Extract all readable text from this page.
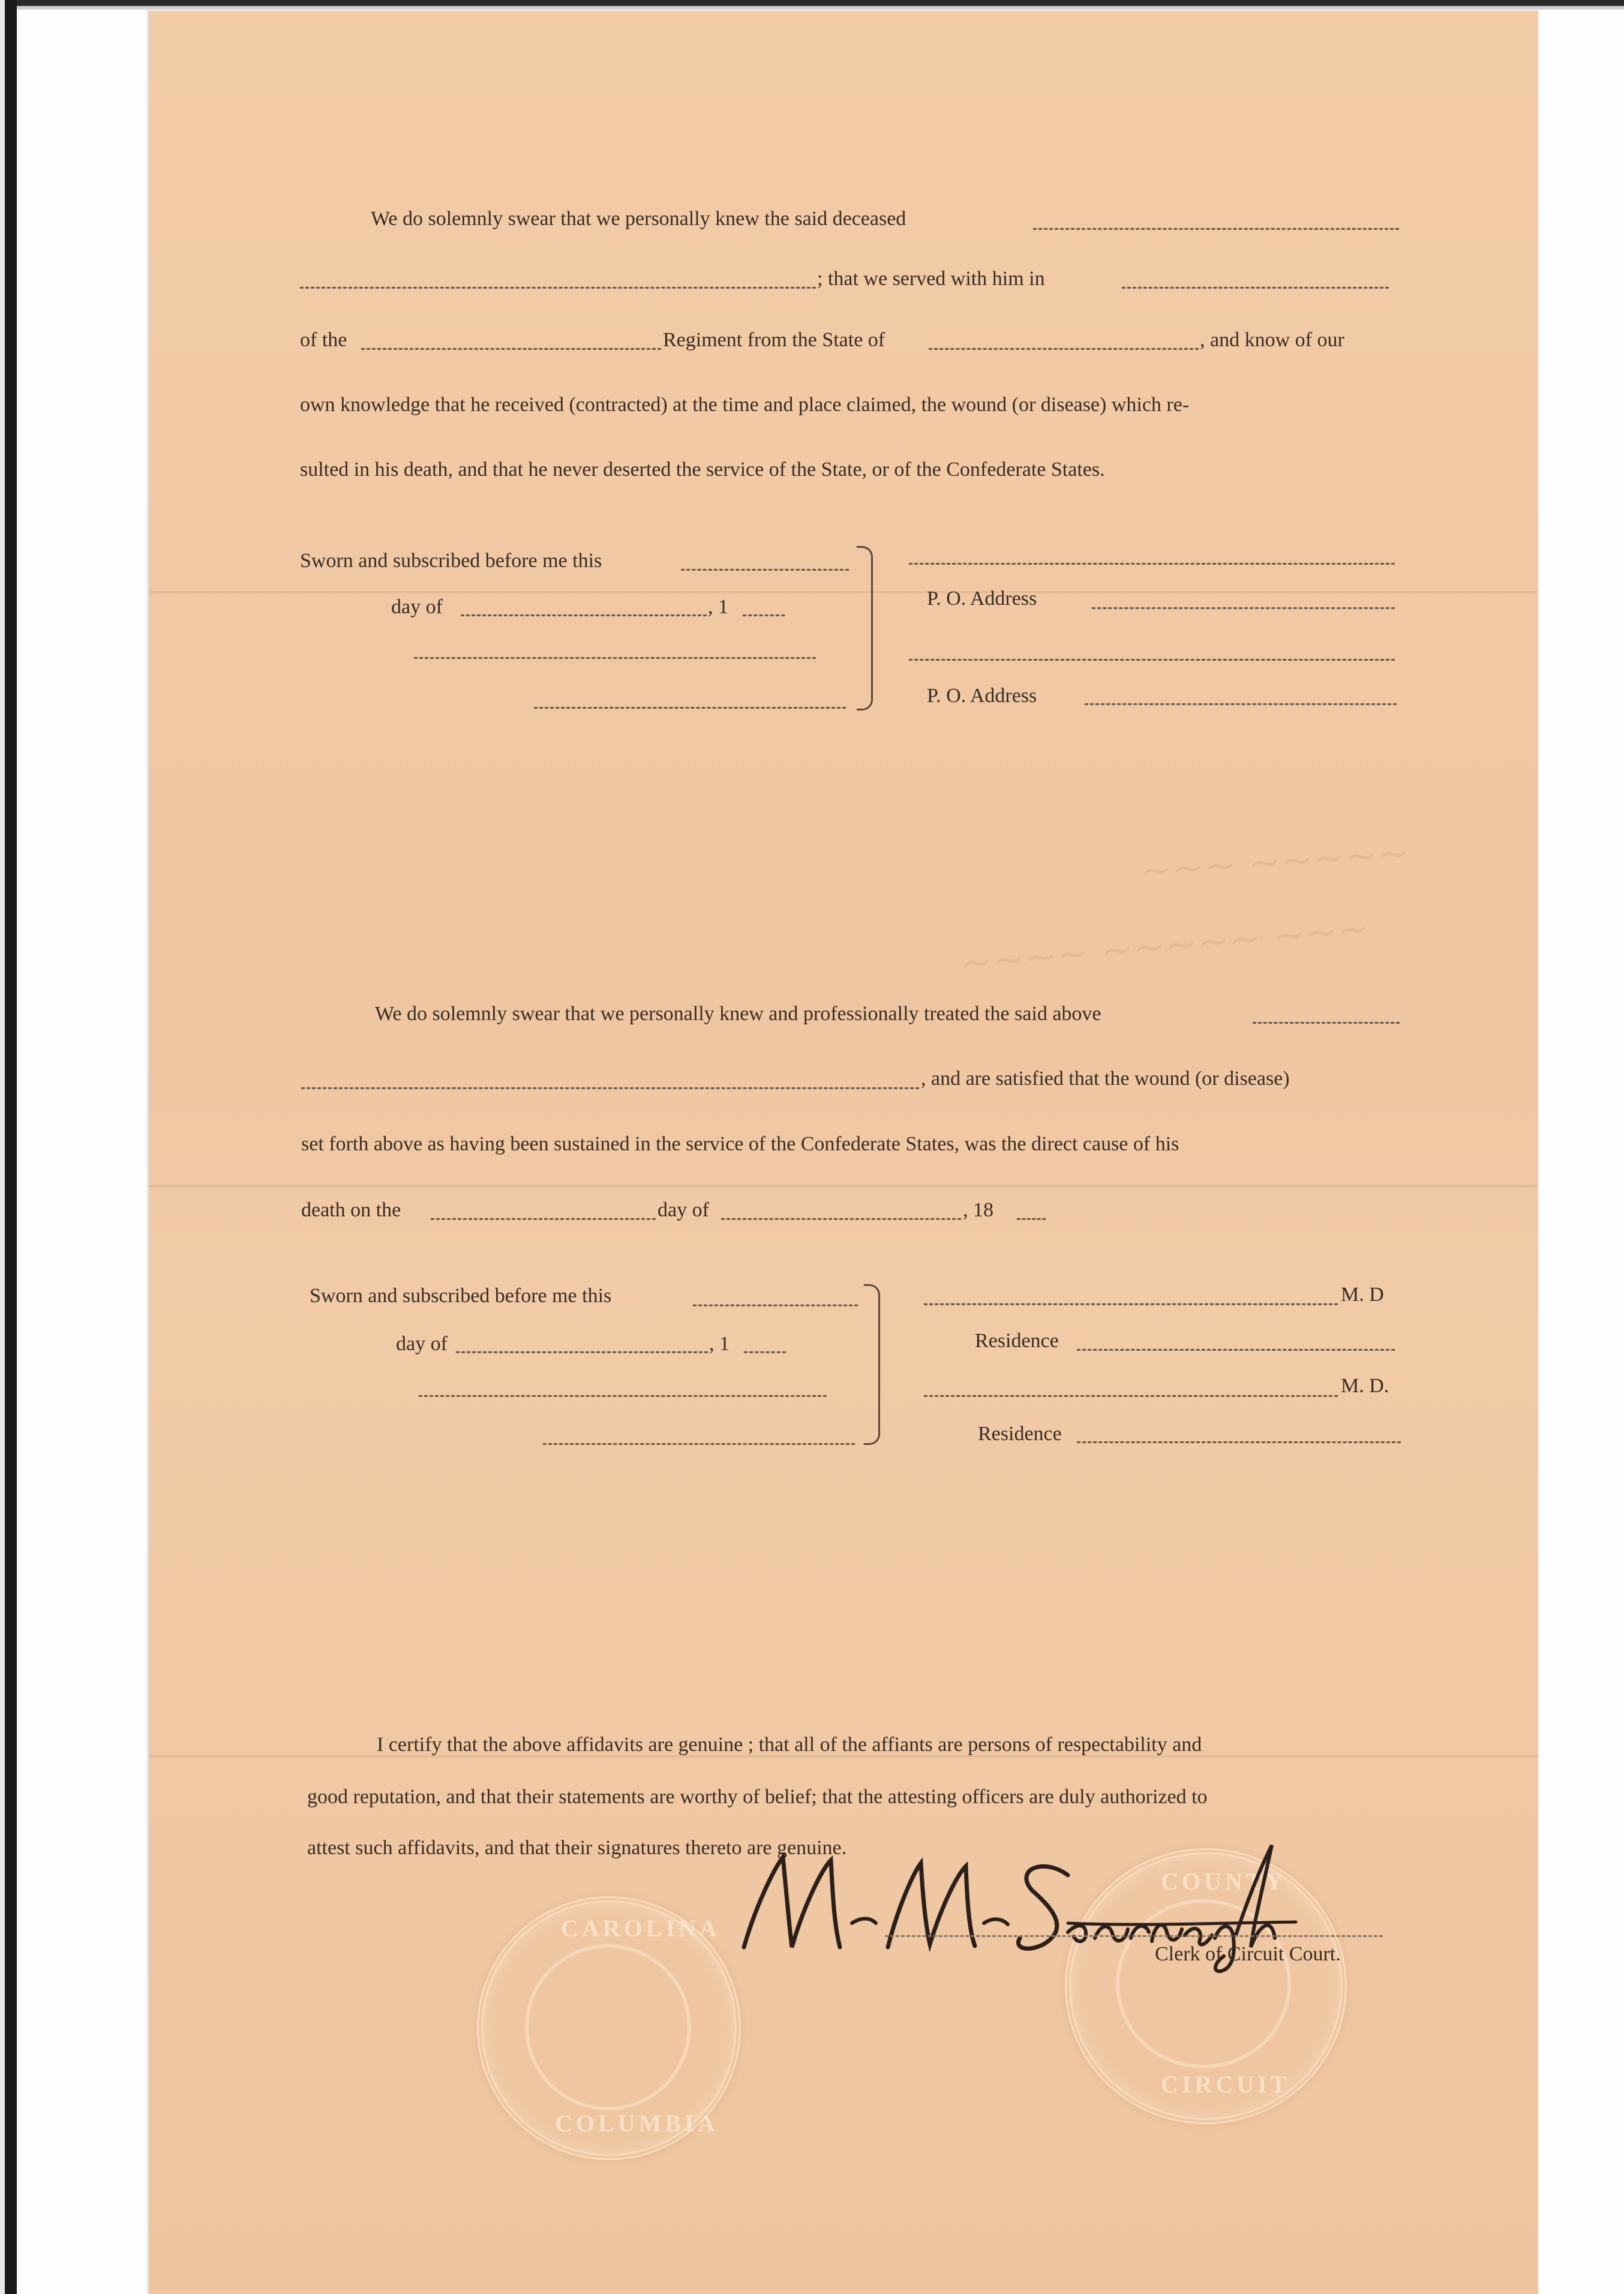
~~~ ~~~~~
~~~~ ~~~~~ ~~~
We do solemnly swear that we personally knew the said deceased
; that we served with him in
of the	Regiment from the State of	, and know of our
own knowledge that he received (contracted) at the time and place claimed, the wound (or disease) which re-
sulted in his death, and that he never deserted the service of the State, or of the Confederate States.
Sworn and subscribed before me this
day of	, 1	P. O. Address
P. O. Address
We do solemnly swear that we personally knew and professionally treated the said above
, and are satisfied that the wound (or disease)
set forth above as having been sustained in the service of the Confederate States, was the direct cause of his
death on the	day of	, 18
Sworn and subscribed before me this
day of	, 1
M. D
Residence
M. D.
Residence
I certify that the above affidavits are genuine ; that all of the affiants are persons of respectability and
good reputation, and that their statements are worthy of belief; that the attesting officers are duly authorized to
attest such affidavits, and that their signatures thereto are genuine.
CAROLINA
COLUMBIA
COUNTY
CIRCUIT
Clerk of Circuit Court.
